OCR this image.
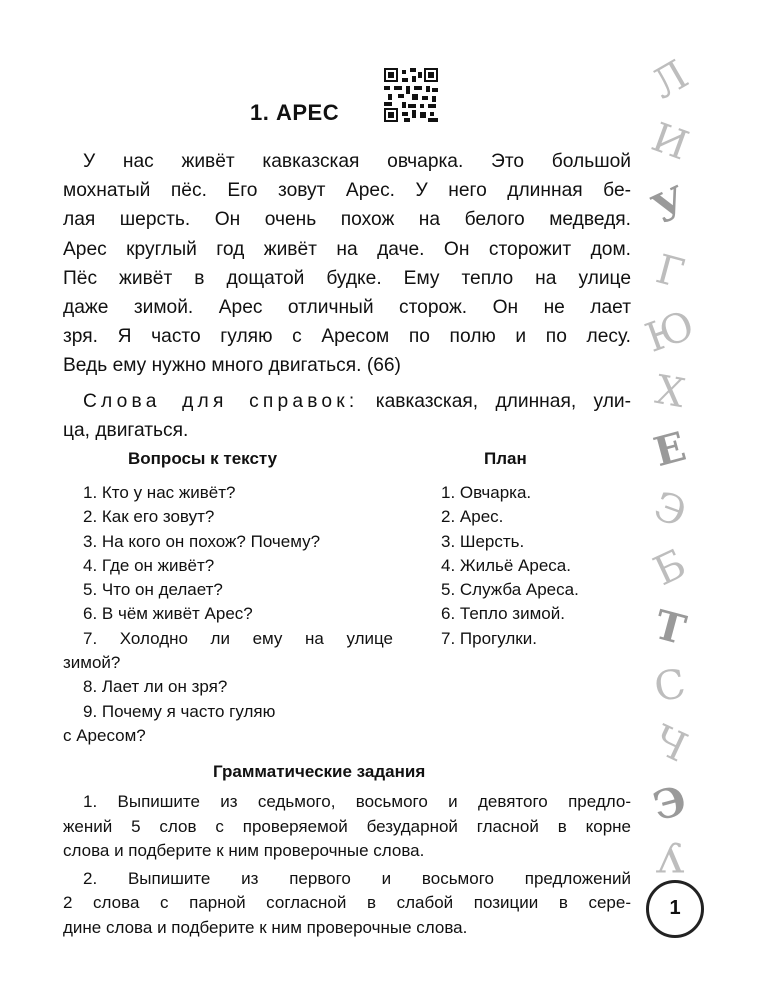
1. АРЕС
У нас живёт кавказская овчарка. Это большой
мохнатый пёс. Его зовут Арес. У него длинная бе-
лая шерсть. Он очень похож на белого медведя.
Арес круглый год живёт на даче. Он сторожит дом.
Пёс живёт в дощатой будке. Ему тепло на улице
даже зимой. Арес отличный сторож. Он не лает
зря. Я часто гуляю с Аресом по полю и по лесу.
Ведь ему нужно много двигаться. (66)
Слова для справок: кавказская, длинная, ули-
ца, двигаться.
Вопросы к тексту	План
1. Кто у нас живёт?
2. Как его зовут?
3. На кого он похож? Почему?
4. Где он живёт?
5. Что он делает?
6. В чём живёт Арес?
7. Холодно ли ему на улице
зимой?
8. Лает ли он зря?
9. Почему я часто гуляю
с Аресом?
1. Овчарка.
2. Арес.
3. Шерсть.
4. Жильё Ареса.
5. Служба Ареса.
6. Тепло зимой.
7. Прогулки.
Грамматические задания
1. Выпишите из седьмого, восьмого и девятого предло-
жений 5 слов с проверяемой безударной гласной в корне
слова и подберите к ним проверочные слова.
2. Выпишите из первого и восьмого предложений
2 слова с парной согласной в слабой позиции в сере-
дине слова и подберите к ним проверочные слова.
Л
И
У
Г
Ю
Х
Е
Э
Б
Т
С
Ч
Э
У
1
